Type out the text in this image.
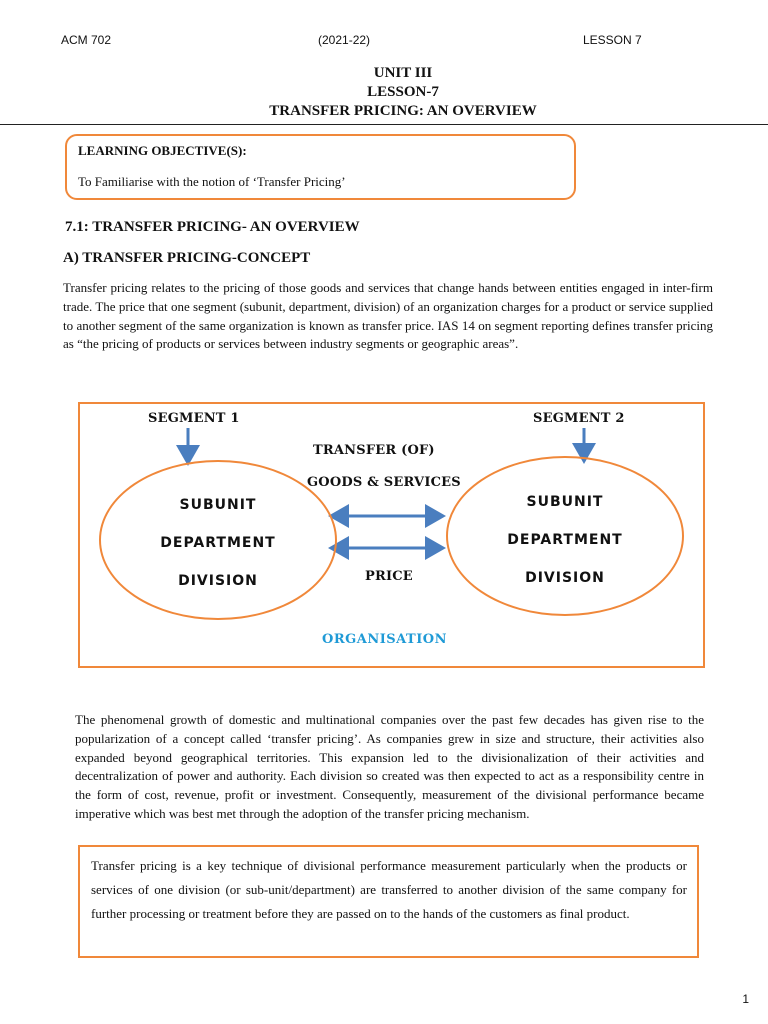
ACM 702	(2021-22)	LESSON 7
UNIT III
LESSON-7
TRANSFER PRICING: AN OVERVIEW
LEARNING OBJECTIVE(S):
To Familiarise with the notion of ‘Transfer Pricing’
7.1: TRANSFER PRICING- AN OVERVIEW
A) TRANSFER PRICING-CONCEPT
Transfer pricing relates to the pricing of those goods and services that change hands between entities engaged in inter-firm trade. The price that one segment (subunit, department, division) of an organization charges for a product or service supplied to another segment of the same organization is known as transfer price. IAS 14 on segment reporting defines transfer pricing as “the pricing of products or services between industry segments or geographic areas”.
SEGMENT 1	SEGMENT 2
TRANSFER (OF)
GOODS & SERVICES
PRICE
ORGANISATION
SUBUNIT
DEPARTMENT
DIVISION
SUBUNIT
DEPARTMENT
DIVISION
The phenomenal growth of domestic and multinational companies over the past few decades has given rise to the popularization of a concept called ‘transfer pricing’. As companies grew in size and structure, their activities also expanded beyond geographical territories. This expansion led to the divisionalization of their activities and decentralization of power and authority. Each division so created was then expected to act as a responsibility centre in the form of cost, revenue, profit or investment. Consequently, measurement of the divisional performance became imperative which was best met through the adoption of the transfer pricing mechanism.

Transfer pricing is a key technique of divisional performance measurement particularly when the products or services of one division (or sub-unit/department) are transferred to another division of the same company for further processing or treatment before they are passed on to the hands of the customers as final product.

1
